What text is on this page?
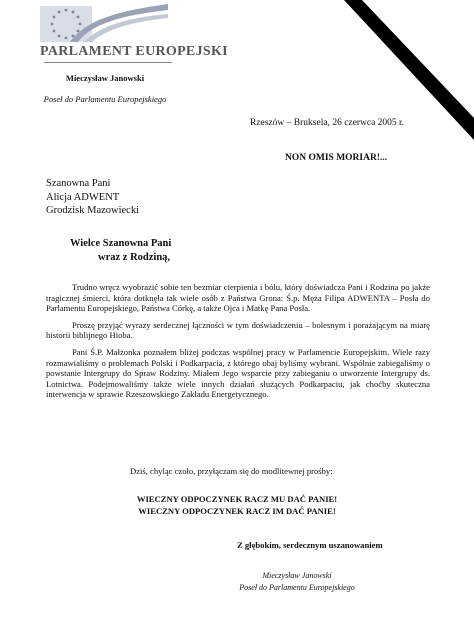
PARLAMENT EUROPEJSKI
Mieczysław Janowski
Poseł do Parlamentu Europejskiego
Rzeszów – Bruksela, 26 czerwca 2005 r.
NON OMIS MORIAR!...
Szanowna Pani
Alicja ADWENT
Grodzisk Mazowiecki
Wielce Szanowna Pani
wraz z Rodziną,

Trudno wręcz wyobrazić sobie ten bezmiar cierpienia i bólu, który doświadcza Pani i Rodzina po jakże tragicznej śmierci, która dotknęła tak wiele osób z Państwa Grona: Ś.p. Męża Filipa ADWENTA – Posła do Parlamentu Europejskiego, Państwa Córkę, a także Ojca i Matkę Pana Posła.

Proszę przyjąć wyrazy serdecznej łączności w tym doświadczeniu – bolesnym i porażającym na miarę historii biblijnego Hioba.

Pani Ś.P. Małżonka poznałem bliżej podczas wspólnej pracy w Parlamencie Europejskim. Wiele razy rozmawialiśmy o problemach Polski i Podkarpacia, z którego obaj byliśmy wybrani. Wspólnie zabiegaliśmy o powstanie Intergrupy do Spraw Rodziny. Miałem Jego wsparcie przy zabieganiu o utworzenie Intergrupy ds. Lotnictwa. Podejmowaliśmy także wiele innych działań służących Podkarpaciu, jak choćby skuteczna interwencja w sprawie Rzeszowskiego Zakładu Energetycznego.

Dziś, chyląc czoło, przyłączam się do modlitewnej prośby:
WIECZNY ODPOCZYNEK RACZ MU DAĆ PANIE!
WIECZNY ODPOCZYNEK RACZ IM DAĆ PANIE!
Z głębokim, serdecznym uszanowaniem
Mieczysław Janowski
Poseł do Parlamentu Europejskiego
